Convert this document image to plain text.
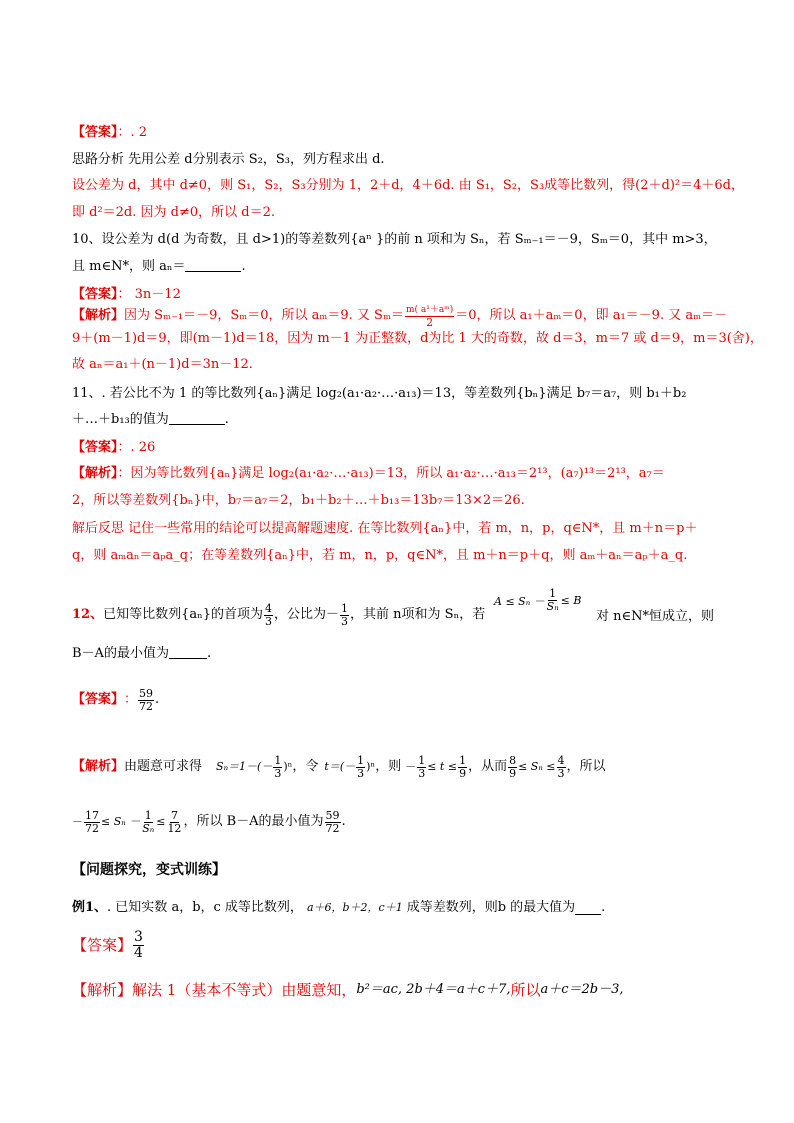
【答案】：. 2
思路分析 先用公差 d分别表示 S₂，S₃，列方程求出 d.
设公差为 d，其中 d≠0，则 S₁，S₂，S₃分别为 1，2＋d，4＋6d. 由 S₁，S₂，S₃成等比数列，得(2＋d)²＝4＋6d，
即 d²＝2d. 因为 d≠0，所以 d＝2.
10、设公差为 d(d 为奇数，且 d>1)的等差数列{aⁿ }的前 n 项和为 Sₙ，若 Sₘ₋₁＝－9，Sₘ＝0，其中 m>3，
且 m∈N*，则 aₙ＝	.
【答案】： 3n－12
【解析】 因为 Sₘ₋₁＝－9，Sₘ＝0，所以 aₘ＝9. 又 $S_m= \frac{\text{m( a¹＋aᵐ)}}{2} =0$，所以 a₁＋aₘ＝0，即 a₁＝－9. 又 aₘ＝－
9＋(m－1)d＝9，即(m－1)d＝18，因为 m－1 为正整数，d为比 1 大的奇数，故 d＝3，m＝7 或 d＝9，m＝3(舍)，
故 aₙ＝a₁＋(n－1)d＝3n－12.
11、. 若公比不为 1 的等比数列{aₙ}满足 log₂(a₁·a₂·…·a₁₃)＝13，等差数列{bₙ}满足 b₇＝a₇，则 b₁＋b₂
＋…＋b₁₃的值为	.
【答案】：. 26
【解析】：因为等比数列{aₙ}满足 log₂(a₁·a₂·…·a₁₃)＝13，所以 a₁·a₂·…·a₁₃＝2¹³，(a₇)¹³＝2¹³，a₇＝
2，所以等差数列{bₙ}中，b₇＝a₇＝2，b₁＋b₂＋…＋b₁₃＝13b₇＝13×2＝26.
解后反思 记住一些常用的结论可以提高解题速度. 在等比数列{aₙ}中，若 m，n，p，q∈N*，且 m＋n＝p＋
q，则 aₘaₙ＝aₚa_q；在等差数列{aₙ}中，若 m，n，p，q∈N*，且 m＋n＝p＋q，则 aₘ＋aₙ＝aₚ＋a_q.
12、 已知等比数列{aₙ}的首项为 $\frac{4}{3}$ ，公比为－ $\frac{1}{3}$ ，其前 n项和为 Sₙ，若
$A \le S_n - \frac{1}{\text{Sₙ}} \le B$
对 n∈N*恒成立，则
B－A的最小值为	.
【答案】 ： $\frac{59}{72}$ .
【解析】 由题意可求得 $S_n=1-(- \frac{1}{3} )^n$ ，令 $t=(- \frac{1}{3} )^n$ ，则 － $\frac{1}{3} \le t \le \frac{1}{9}$ ，从而 $\frac{8}{9} \le S_n \le \frac{4}{3}$ ，所以
－ $\frac{17}{72} \le S_n - \frac{1}{\text{Sₙ}} \le \frac{7}{12}$ ，所以 B－A的最小值为 $\frac{59}{72}$ .
【问题探究，变式训练】
例1、 . 已知实数 a，b，c 成等比数列， a＋6，b＋2，c＋1 成等差数列，则b 的最大值为 .
【答案】 $\frac{3}{4}$
【解析】 解法 1（基本不等式）由题意知， b²＝ac, 2b＋4＝a＋c＋7, 所以 a＋c＝2b－3,
